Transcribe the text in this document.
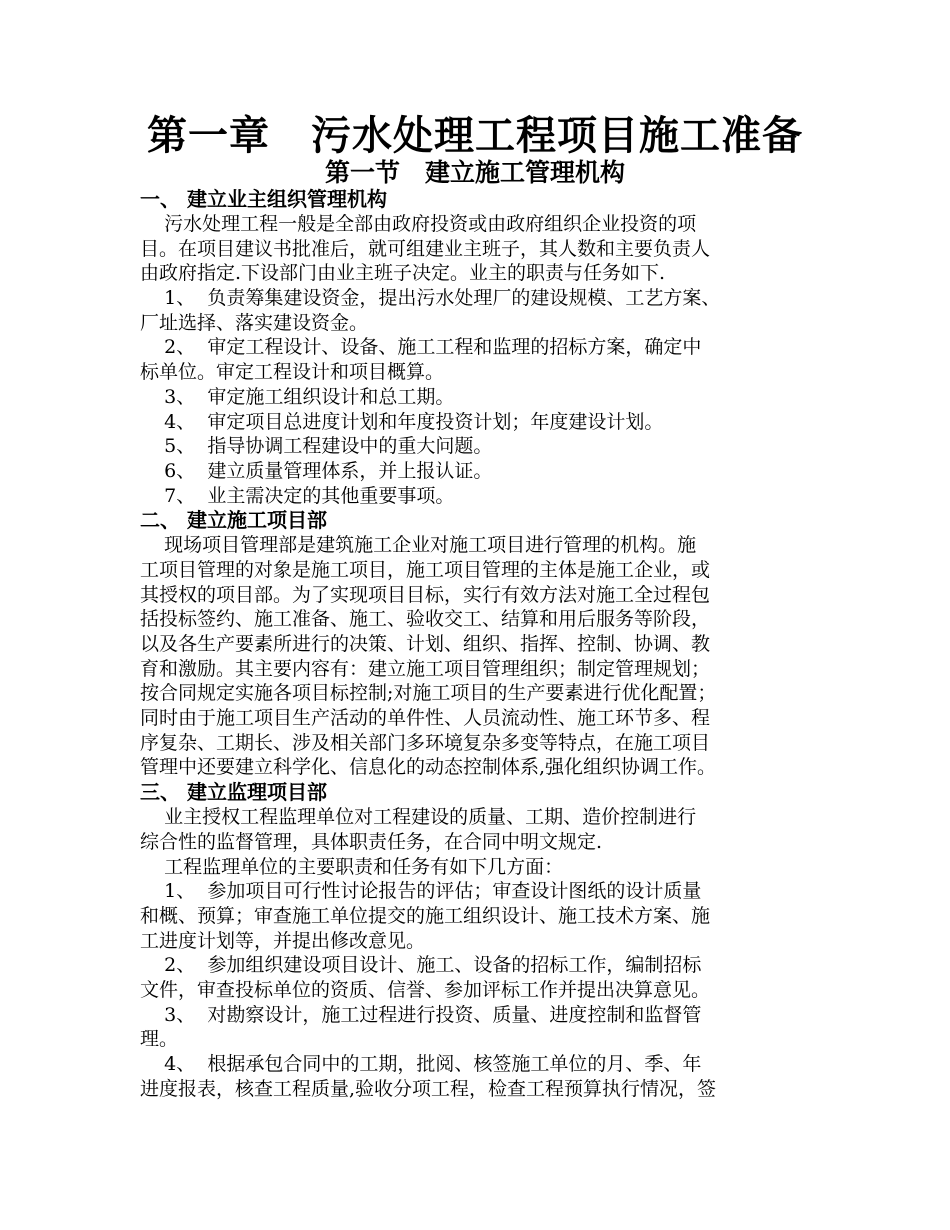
第一章　污水处理工程项目施工准备
第一节　建立施工管理机构
一、 建立业主组织管理机构
污水处理工程一般是全部由政府投资或由政府组织企业投资的项
目。在项目建议书批准后，就可组建业主班子，其人数和主要负责人
由政府指定.下设部门由业主班子决定。业主的职责与任务如下.
1、  负责筹集建设资金，提出污水处理厂的建设规模、工艺方案、
厂址选择、落实建设资金。
2、  审定工程设计、设备、施工工程和监理的招标方案，确定中
标单位。审定工程设计和项目概算。
3、  审定施工组织设计和总工期。
4、  审定项目总进度计划和年度投资计划；年度建设计划。
5、  指导协调工程建设中的重大问题。
6、  建立质量管理体系，并上报认证。
7、  业主需决定的其他重要事项。
二、 建立施工项目部
现场项目管理部是建筑施工企业对施工项目进行管理的机构。施
工项目管理的对象是施工项目，施工项目管理的主体是施工企业，或
其授权的项目部。为了实现项目目标，实行有效方法对施工全过程包
括投标签约、施工准备、施工、验收交工、结算和用后服务等阶段，
以及各生产要素所进行的决策、计划、组织、指挥、控制、协调、教
育和激励。其主要内容有：建立施工项目管理组织；制定管理规划；
按合同规定实施各项目标控制;对施工项目的生产要素进行优化配置；
同时由于施工项目生产活动的单件性、人员流动性、施工环节多、程
序复杂、工期长、涉及相关部门多环境复杂多变等特点，在施工项目
管理中还要建立科学化、信息化的动态控制体系,强化组织协调工作。
三、 建立监理项目部
业主授权工程监理单位对工程建设的质量、工期、造价控制进行
综合性的监督管理，具体职责任务，在合同中明文规定.
工程监理单位的主要职责和任务有如下几方面：
1、  参加项目可行性讨论报告的评估；审查设计图纸的设计质量
和概、预算；审查施工单位提交的施工组织设计、施工技术方案、施
工进度计划等，并提出修改意见。
2、  参加组织建设项目设计、施工、设备的招标工作，编制招标
文件，审查投标单位的资质、信誉、参加评标工作并提出决算意见。
3、  对勘察设计，施工过程进行投资、质量、进度控制和监督管
理。
4、  根据承包合同中的工期，批阅、核签施工单位的月、季、年
进度报表，核查工程质量,验收分项工程，检查工程预算执行情况，签
